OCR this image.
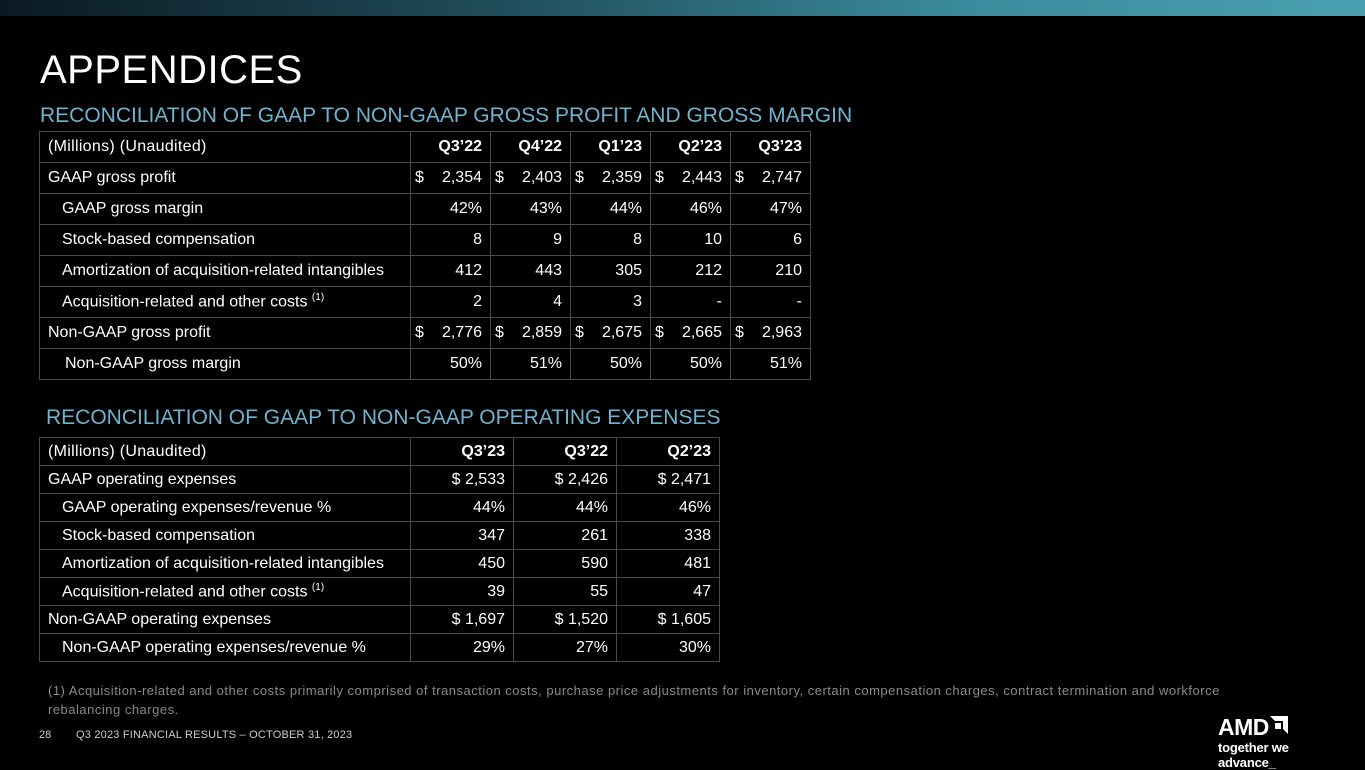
APPENDICES
RECONCILIATION OF GAAP TO NON-GAAP GROSS PROFIT AND GROSS MARGIN
(Millions) (Unaudited)	Q3’22	Q4’22	Q1’23	Q2’23	Q3’23
GAAP gross profit	$ 2,354	$ 2,403	$ 2,359	$ 2,443	$ 2,747

GAAP gross margin	42%	43%	44%	46%	47%
Stock-based compensation	8	9	8	10	6
Amortization of acquisition-related intangibles	412	443	305	212	210
Acquisition-related and other costs $^{(1)}$	2	4	3	-	-
Non-GAAP gross profit	$ 2,776	$ 2,859	$ 2,675	$ 2,665	$ 2,963

Non-GAAP gross margin	50%	51%	50%	50%	51%
RECONCILIATION OF GAAP TO NON-GAAP OPERATING EXPENSES
(Millions) (Unaudited)	Q3’23	Q3’22	Q2’23
GAAP operating expenses	$ 2,533	$ 2,426	$ 2,471
GAAP operating expenses/revenue %	44%	44%	46%
Stock-based compensation	347	261	338
Amortization of acquisition-related intangibles	450	590	481
Acquisition-related and other costs $^{(1)}$	39	55	47
Non-GAAP operating expenses	$ 1,697	$ 1,520	$ 1,605
Non-GAAP operating expenses/revenue %	29%	27%	30%
(1) Acquisition-related and other costs primarily comprised of transaction costs, purchase price adjustments for inventory, certain compensation charges, contract termination and workforce rebalancing charges.
28 Q3 2023 FINANCIAL RESULTS – OCTOBER 31, 2023	AMD
together we advance_
